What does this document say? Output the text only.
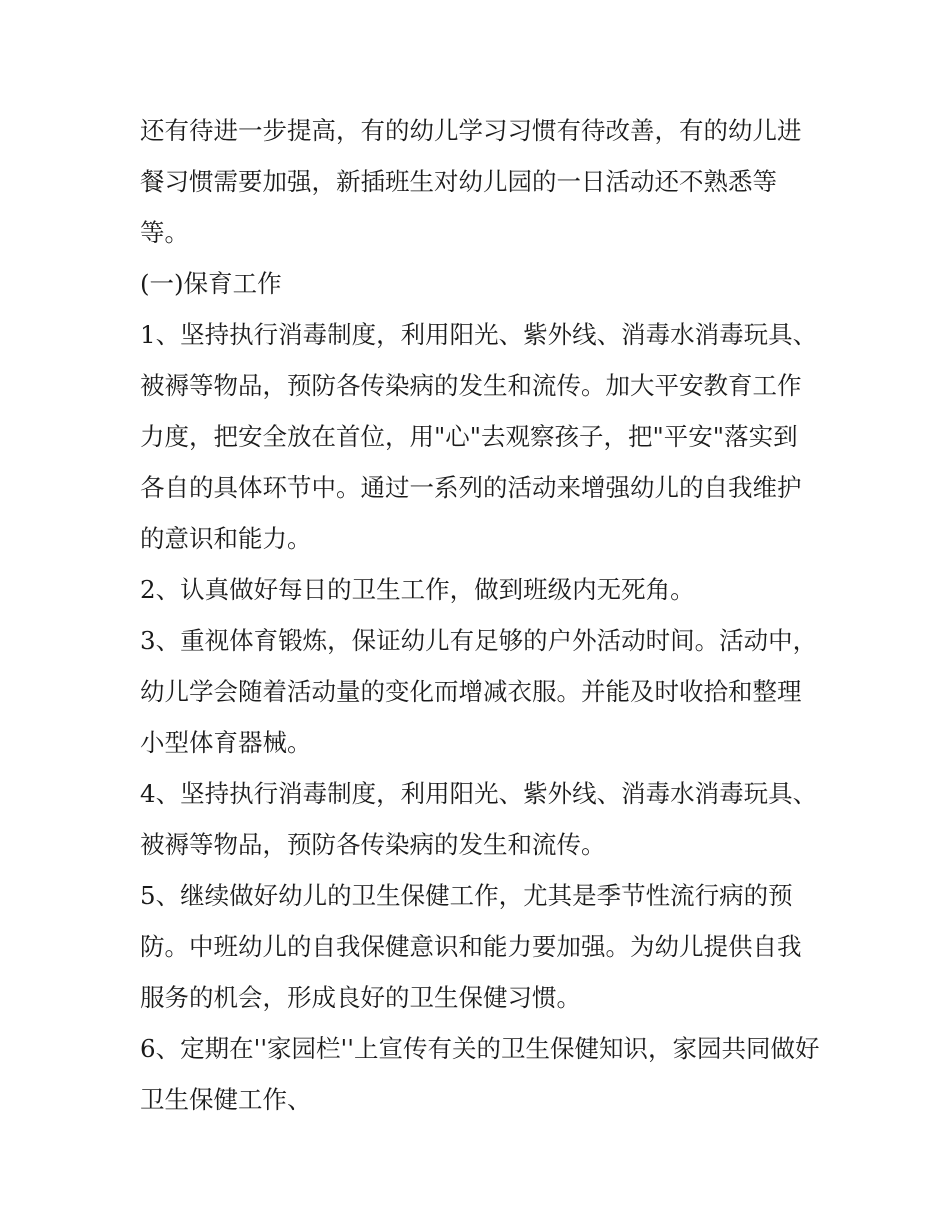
还有待进一步提高，有的幼儿学习习惯有待改善，有的幼儿进餐习惯需要加强，新插班生对幼儿园的一日活动还不熟悉等等。

(一)保育工作

1、坚持执行消毒制度，利用阳光、紫外线、消毒水消毒玩具、被褥等物品，预防各传染病的发生和流传。加大平安教育工作力度，把安全放在首位，用"心"去观察孩子，把"平安"落实到各自的具体环节中。通过一系列的活动来增强幼儿的自我维护的意识和能力。

2、认真做好每日的卫生工作，做到班级内无死角。

3、重视体育锻炼，保证幼儿有足够的户外活动时间。活动中，幼儿学会随着活动量的变化而增减衣服。并能及时收拾和整理小型体育器械。

4、坚持执行消毒制度，利用阳光、紫外线、消毒水消毒玩具、被褥等物品，预防各传染病的发生和流传。

5、继续做好幼儿的卫生保健工作，尤其是季节性流行病的预防。中班幼儿的自我保健意识和能力要加强。为幼儿提供自我服务的机会，形成良好的卫生保健习惯。

6、定期在''家园栏''上宣传有关的卫生保健知识，家园共同做好卫生保健工作、
